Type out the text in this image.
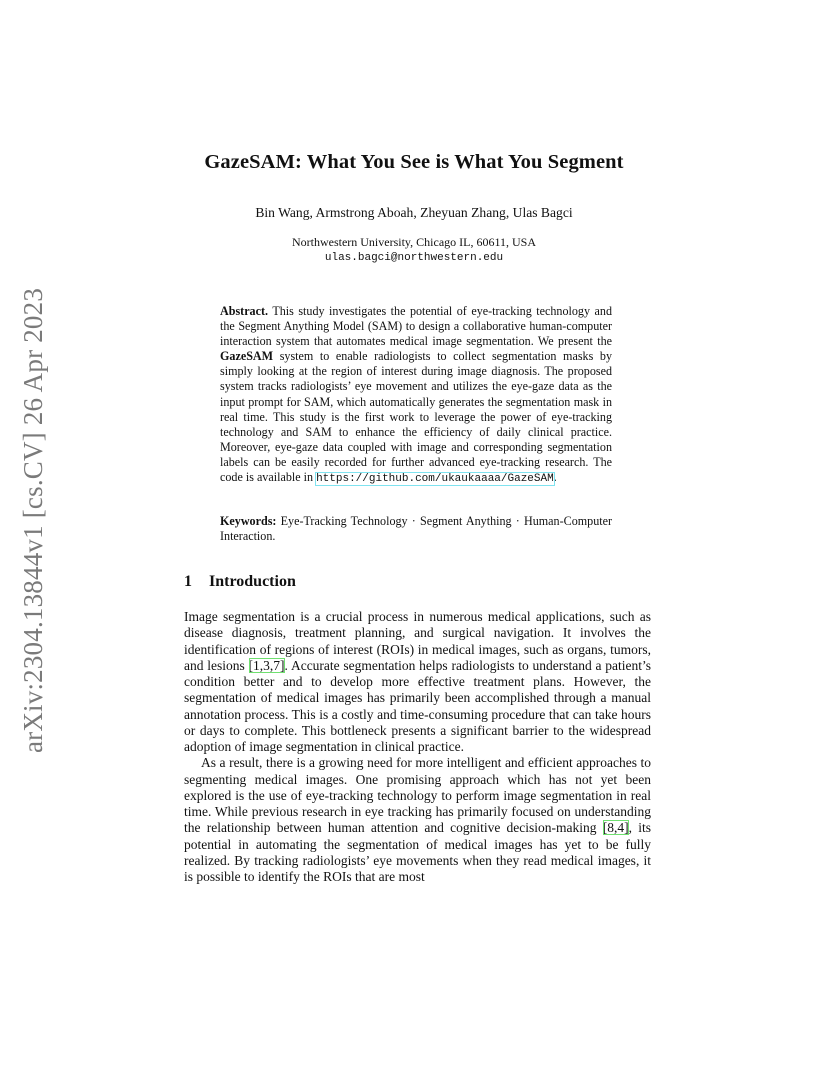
arXiv:2304.13844v1 [cs.CV] 26 Apr 2023
GazeSAM: What You See is What You Segment
Bin Wang, Armstrong Aboah, Zheyuan Zhang, Ulas Bagci
Northwestern University, Chicago IL, 60611, USA
ulas.bagci@northwestern.edu
Abstract. This study investigates the potential of eye-tracking technology and the Segment Anything Model (SAM) to design a collaborative human-computer interaction system that automates medical image segmentation. We present the GazeSAM system to enable radiologists to collect segmentation masks by simply looking at the region of interest during image diagnosis. The proposed system tracks radiologists’ eye movement and utilizes the eye-gaze data as the input prompt for SAM, which automatically generates the segmentation mask in real time. This study is the first work to leverage the power of eye-tracking technology and SAM to enhance the efficiency of daily clinical practice. Moreover, eye-gaze data coupled with image and corresponding segmentation labels can be easily recorded for further advanced eye-tracking research. The code is available in https://github.com/ukaukaaaa/GazeSAM.
Keywords: Eye-Tracking Technology · Segment Anything · Human-Computer Interaction.
1 Introduction

Image segmentation is a crucial process in numerous medical applications, such as disease diagnosis, treatment planning, and surgical navigation. It involves the identification of regions of interest (ROIs) in medical images, such as organs, tumors, and lesions [1,3,7]. Accurate segmentation helps radiologists to understand a patient’s condition better and to develop more effective treatment plans. However, the segmentation of medical images has primarily been accomplished through a manual annotation process. This is a costly and time-consuming procedure that can take hours or days to complete. This bottleneck presents a significant barrier to the widespread adoption of image segmentation in clinical practice.

As a result, there is a growing need for more intelligent and efficient approaches to segmenting medical images. One promising approach which has not yet been explored is the use of eye-tracking technology to perform image segmentation in real time. While previous research in eye tracking has primarily focused on understanding the relationship between human attention and cognitive decision-making [8,4], its potential in automating the segmentation of medical images has yet to be fully realized. By tracking radiologists’ eye movements when they read medical images, it is possible to identify the ROIs that are most
